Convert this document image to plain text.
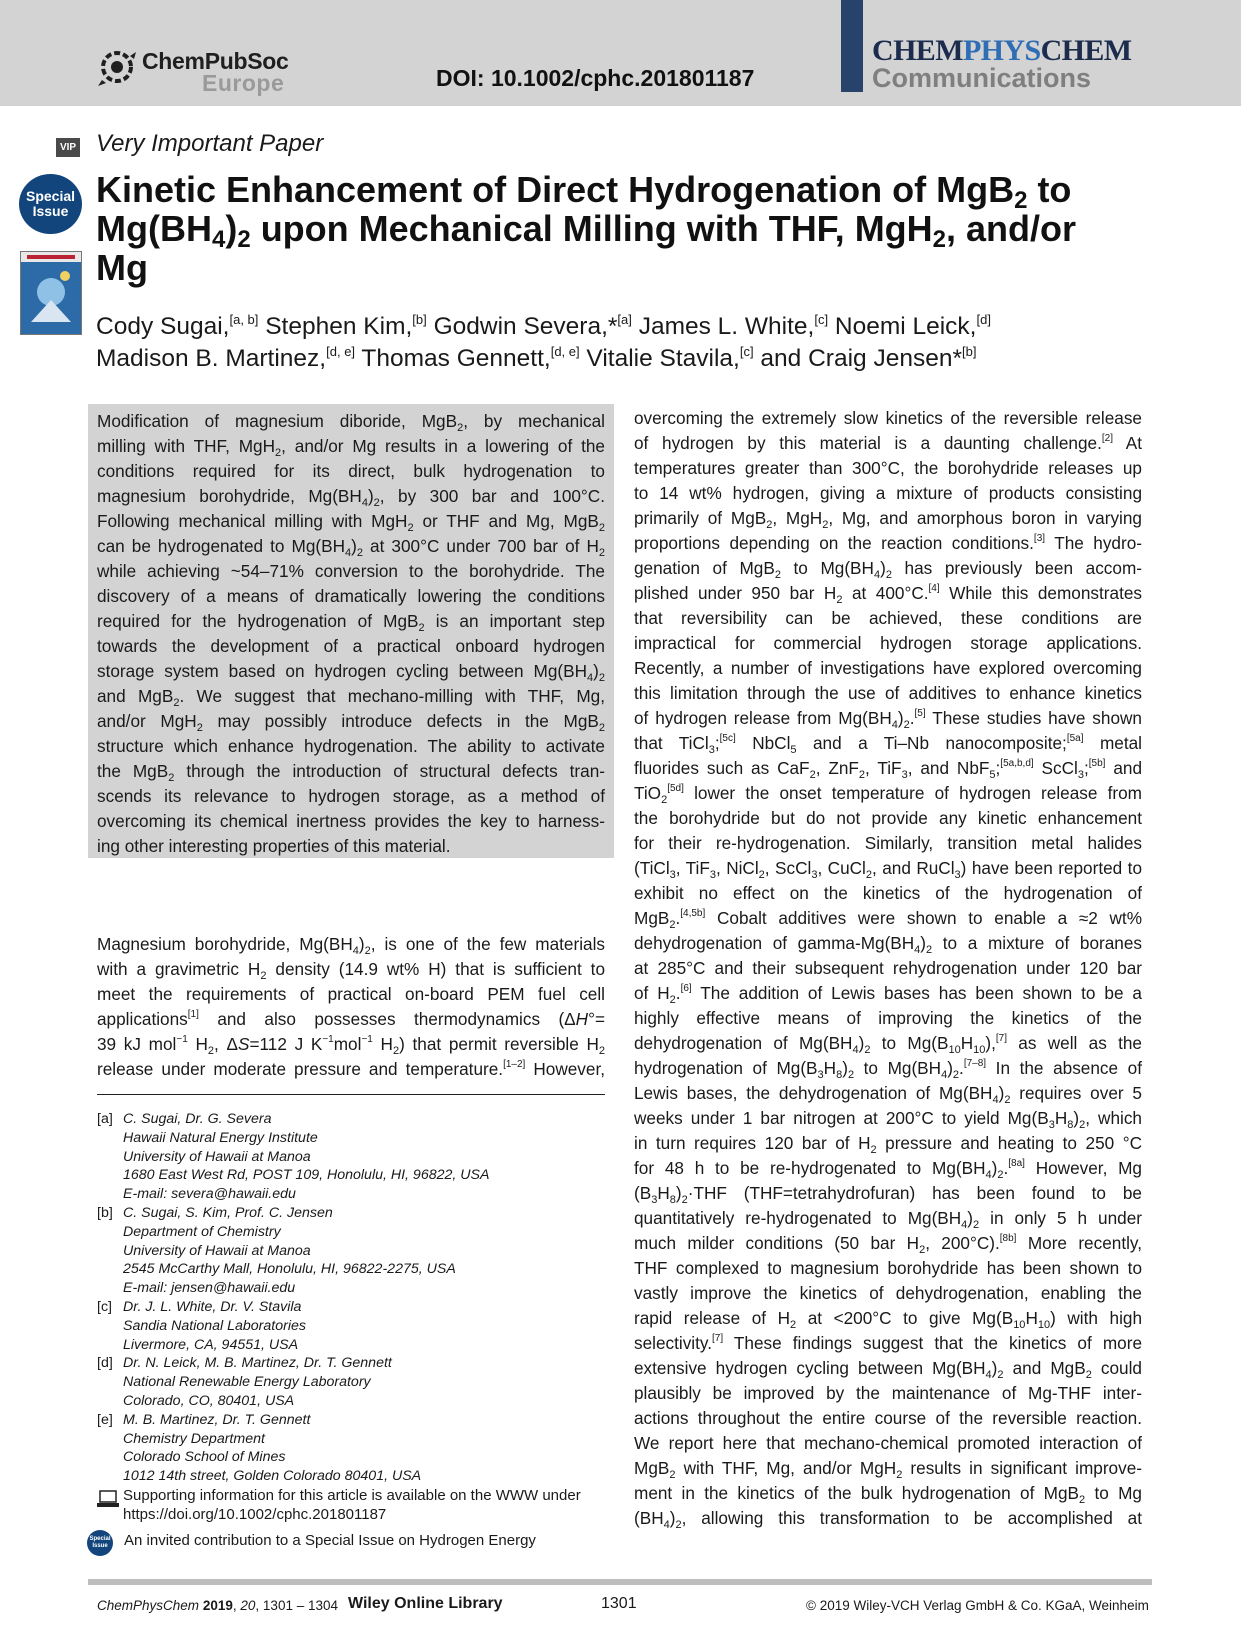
ChemPubSoc
Europe	DOI: 10.1002/cphc.201801187
CHEMPHYSCHEM
Communications
VIP
Special
Issue
Very Important Paper
Kinetic Enhancement of Direct Hydrogenation of MgB$_2$ to
$Mg(BH_4)_2$ upon Mechanical Milling with THF, MgH$_2$, and/or
Mg
Cody Sugai,[a, b] Stephen Kim,[b] Godwin Severa,*[a] James L. White,[c] Noemi Leick,[d]
Madison B. Martinez,[d, e] Thomas Gennett,[d, e] Vitalie Stavila,[c] and Craig Jensen*[b]
Modification of magnesium diboride, MgB$_2$, by mechanical
milling with THF, MgH$_2$, and/or Mg results in a lowering of the
conditions required for its direct, bulk hydrogenation to
magnesium borohydride, $Mg(BH_4)_2$, by 300 bar and 100°C.
Following mechanical milling with MgH$_2$ or THF and Mg, MgB$_2$
can be hydrogenated to $Mg(BH_4)_2$ at 300°C under 700 bar of $H_2$
while achieving ~54–71% conversion to the borohydride. The
discovery of a means of dramatically lowering the conditions
required for the hydrogenation of MgB$_2$ is an important step
towards the development of a practical onboard hydrogen
storage system based on hydrogen cycling between $Mg(BH_4)_2$
and MgB$_2$. We suggest that mechano-milling with THF, Mg,
and/or MgH$_2$ may possibly introduce defects in the MgB$_2$
structure which enhance hydrogenation. The ability to activate
the MgB$_2$ through the introduction of structural defects tran-
scends its relevance to hydrogen storage, as a method of
overcoming its chemical inertness provides the key to harness-
ing other interesting properties of this material.
Magnesium borohydride, $Mg(BH_4)_2$, is one of the few materials
with a gravimetric $H_2$ density (14.9 wt% H) that is sufficient to
meet the requirements of practical on-board PEM fuel cell
applications[1] and also possesses thermodynamics (ΔH°=
39 kJ mol$^{-1}$ $H_2$, ΔS=112 J $K^{-1}mol^{-1}$ $H_2$) that permit reversible $H_2$
release under moderate pressure and temperature.[1–2] However,
overcoming the extremely slow kinetics of the reversible release
of hydrogen by this material is a daunting challenge.[2] At
temperatures greater than 300°C, the borohydride releases up
to 14 wt% hydrogen, giving a mixture of products consisting
primarily of MgB$_2$, MgH$_2$, Mg, and amorphous boron in varying
proportions depending on the reaction conditions.[3] The hydro-
genation of MgB$_2$ to $Mg(BH_4)_2$ has previously been accom-
plished under 950 bar $H_2$ at 400°C.[4] While this demonstrates
that reversibility can be achieved, these conditions are
impractical for commercial hydrogen storage applications.
Recently, a number of investigations have explored overcoming
this limitation through the use of additives to enhance kinetics
of hydrogen release from $Mg(BH_4)_2.[5]$ These studies have shown
that TiCl$_3$;[5c] NbCl$_5$ and a Ti–Nb nanocomposite;[5a] metal
fluorides such as CaF$_2$, ZnF$_2$, TiF$_3$, and NbF$_5$;[5a,b,d] ScCl$_3$;[5b] and
TiO$_2$[5d] lower the onset temperature of hydrogen release from
the borohydride but do not provide any kinetic enhancement
for their re-hydrogenation. Similarly, transition metal halides
(TiCl$_3$, TiF$_3$, NiCl$_2$, ScCl$_3$, CuCl$_2$, and RuCl$_3$) have been reported to
exhibit no effect on the kinetics of the hydrogenation of
MgB$_2$.[4,5b] Cobalt additives were shown to enable a ≈2 wt%
dehydrogenation of gamma-$Mg(BH_4)_2$ to a mixture of boranes
at 285°C and their subsequent rehydrogenation under 120 bar
of $H_2.[6]$ The addition of Lewis bases has been shown to be a
highly effective means of improving the kinetics of the
dehydrogenation of $Mg(BH_4)_2$ to $Mg(B_{10}H_{10}),[7]$ as well as the
hydrogenation of $Mg(B_3H_8)_2$ to $Mg(BH_4)_2.[7-8]$ In the absence of
Lewis bases, the dehydrogenation of $Mg(BH_4)_2$ requires over 5
weeks under 1 bar nitrogen at 200°C to yield $Mg(B_3H_8)_2$, which
in turn requires 120 bar of $H_2$ pressure and heating to 250 °C
for 48 h to be re-hydrogenated to $Mg(BH_4)_2.[8a]$ However, Mg
$(B_3H_8)_2\cdot THF$ (THF=tetrahydrofuran) has been found to be
quantitatively re-hydrogenated to $Mg(BH_4)_2$ in only 5 h under
much milder conditions (50 bar $H_2$, 200°C).[8b] More recently,
THF complexed to magnesium borohydride has been shown to
vastly improve the kinetics of dehydrogenation, enabling the
rapid release of $H_2$ at <200°C to give $Mg(B_{10}H_{10})$ with high
selectivity.[7] These findings suggest that the kinetics of more
extensive hydrogen cycling between $Mg(BH_4)_2$ and MgB$_2$ could
plausibly be improved by the maintenance of Mg-THF inter-
actions throughout the entire course of the reversible reaction.
We report here that mechano-chemical promoted interaction of
MgB$_2$ with THF, Mg, and/or MgH$_2$ results in significant improve-
ment in the kinetics of the bulk hydrogenation of MgB$_2$ to Mg
$(BH_4)_2$, allowing this transformation to be accomplished at
[a] C. Sugai, Dr. G. Severa
Hawaii Natural Energy Institute
University of Hawaii at Manoa
1680 East West Rd, POST 109, Honolulu, HI, 96822, USA
E-mail: severa@hawaii.edu
[b] C. Sugai, S. Kim, Prof. C. Jensen
Department of Chemistry
University of Hawaii at Manoa
2545 McCarthy Mall, Honolulu, HI, 96822-2275, USA
E-mail: jensen@hawaii.edu
[c] Dr. J. L. White, Dr. V. Stavila
Sandia National Laboratories
Livermore, CA, 94551, USA
[d] Dr. N. Leick, M. B. Martinez, Dr. T. Gennett
National Renewable Energy Laboratory
Colorado, CO, 80401, USA
[e] M. B. Martinez, Dr. T. Gennett
Chemistry Department
Colorado School of Mines
1012 14th street, Golden Colorado 80401, USA
Supporting information for this article is available on the WWW under
https://doi.org/10.1002/cphc.201801187
Special
Issue	An invited contribution to a Special Issue on Hydrogen Energy
ChemPhysChem 2019, 20, 1301 – 1304 Wiley Online Library	1301	© 2019 Wiley-VCH Verlag GmbH & Co. KGaA, Weinheim
